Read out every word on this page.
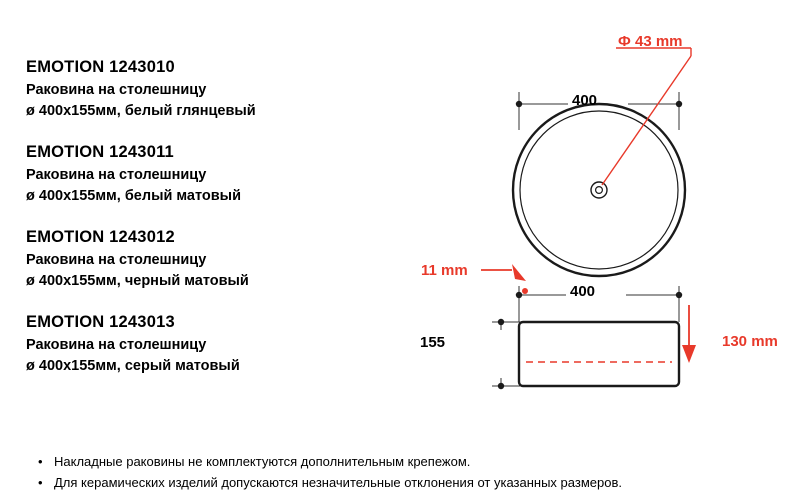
EMOTION 1243010
Раковина на столешницу
ø 400x155мм, белый глянцевый
EMOTION 1243011
Раковина на столешницу
ø 400x155мм, белый матовый
EMOTION 1243012
Раковина на столешницу
ø 400x155мм, черный матовый
EMOTION 1243013
Раковина на столешницу
ø 400x155мм, серый матовый
• Накладные раковины не комплектуются дополнительным крепежом.
• Для керамических изделий допускаются незначительные отклонения от указанных размеров.
Ф 43 mm
400
11 mm
400
155	130 mm
